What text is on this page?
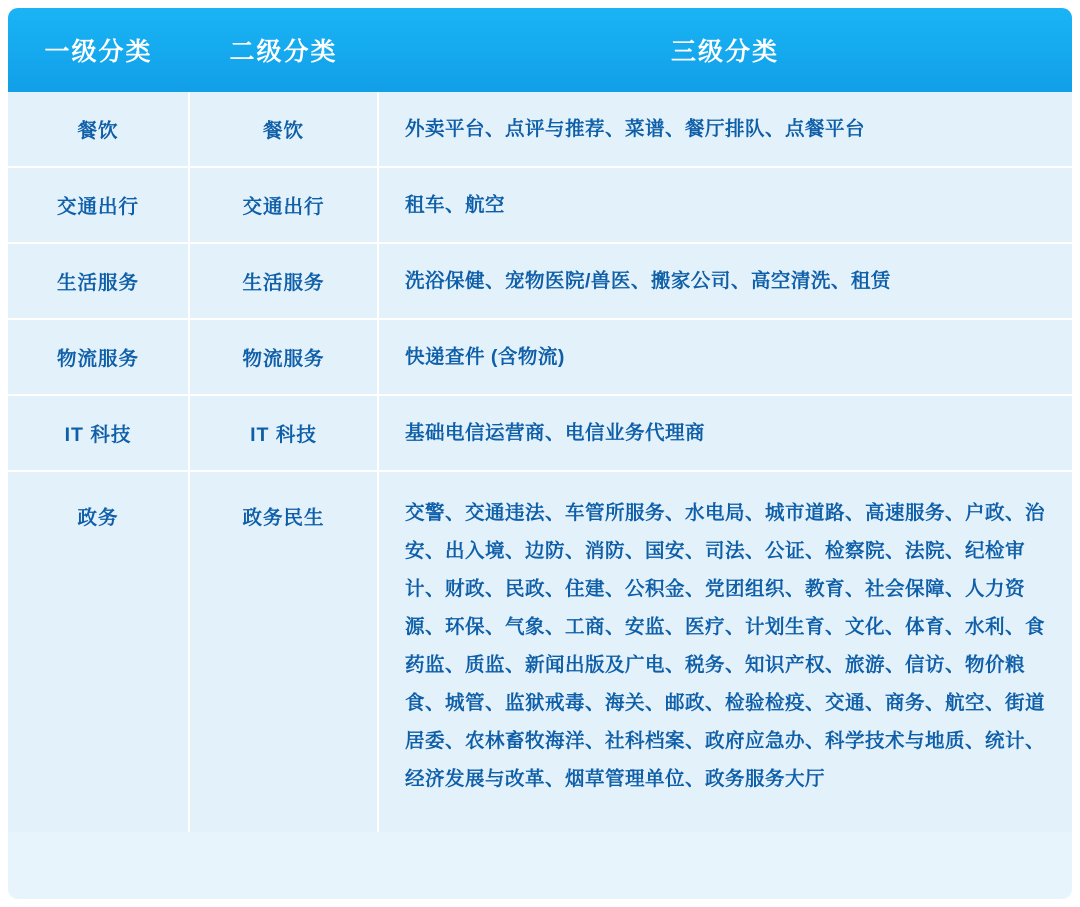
一级分类	二级分类	三级分类
餐饮	餐饮	外卖平台、点评与推荐、菜谱、餐厅排队、点餐平台
交通出行	交通出行	租车、航空
生活服务	生活服务	洗浴保健、宠物医院/兽医、搬家公司、高空清洗、租赁
物流服务	物流服务	快递查件 (含物流)
IT 科技	IT 科技	基础电信运营商、电信业务代理商
政务	政务民生	交警、交通违法、车管所服务、水电局、城市道路、高速服务、户政、治安、出入境、边防、消防、国安、司法、公证、检察院、法院、纪检审计、财政、民政、住建、公积金、党团组织、教育、社会保障、人力资源、环保、气象、工商、安监、医疗、计划生育、文化、体育、水利、食药监、质监、新闻出版及广电、税务、知识产权、旅游、信访、物价粮食、城管、监狱戒毒、海关、邮政、检验检疫、交通、商务、航空、街道居委、农林畜牧海洋、社科档案、政府应急办、科学技术与地质、统计、经济发展与改革、烟草管理单位、政务服务大厅
